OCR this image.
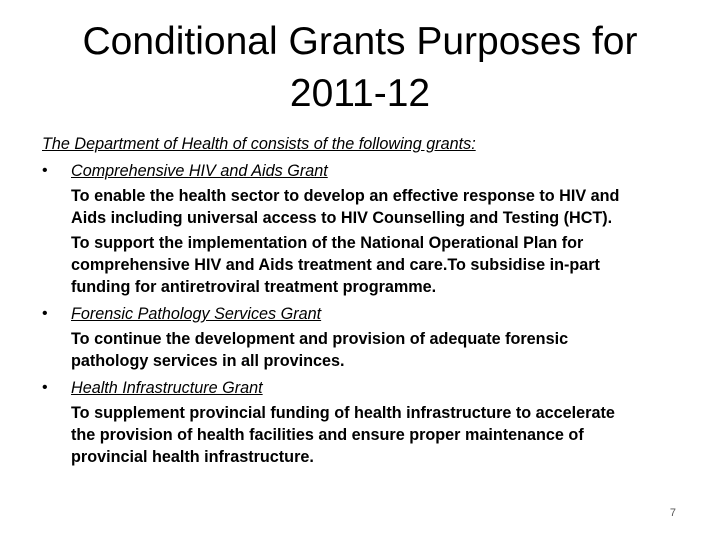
Conditional Grants Purposes for
2011-12
The Department of Health of consists of the following grants:
• Comprehensive HIV and Aids Grant
To enable the health sector to develop an effective response to HIV and
Aids including universal access to HIV Counselling and Testing (HCT).
To support the implementation of the National Operational Plan for
comprehensive HIV and Aids treatment and care.To subsidise in-part
funding for antiretroviral treatment programme.
• Forensic Pathology Services Grant
To continue the development and provision of adequate forensic
pathology services in all provinces.
• Health Infrastructure Grant
To supplement provincial funding of health infrastructure to accelerate
the provision of health facilities and ensure proper maintenance of
provincial health infrastructure.
7
